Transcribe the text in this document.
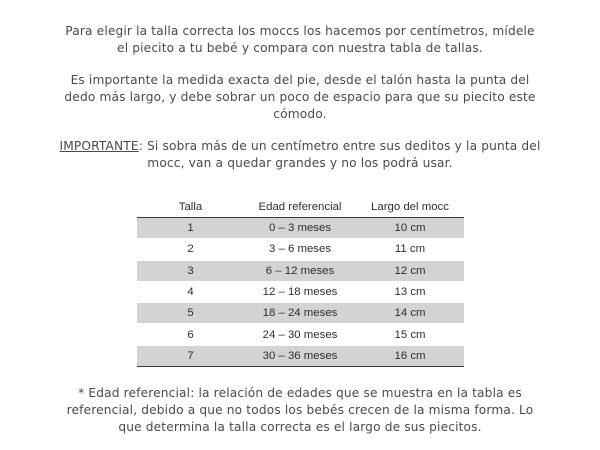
Para elegir la talla correcta los moccs los hacemos por centímetros, mídele
el piecito a tu bebé y compara con nuestra tabla de tallas.
Es importante la medida exacta del pie, desde el talón hasta la punta del
dedo más largo, y debe sobrar un poco de espacio para que su piecito este
cómodo.
IMPORTANTE: Si sobra más de un centímetro entre sus deditos y la punta del
mocc, van a quedar grandes y no los podrá usar.
Talla	Edad referencial	Largo del mocc
1	0 – 3 meses	10 cm
2	3 – 6 meses	11 cm
3	6 – 12 meses	12 cm
4	12 – 18 meses	13 cm
5	18 – 24 meses	14 cm
6	24 – 30 meses	15 cm
7	30 – 36 meses	16 cm
* Edad referencial: la relación de edades que se muestra en la tabla es
referencial, debido a que no todos los bebés crecen de la misma forma. Lo
que determina la talla correcta es el largo de sus piecitos.
